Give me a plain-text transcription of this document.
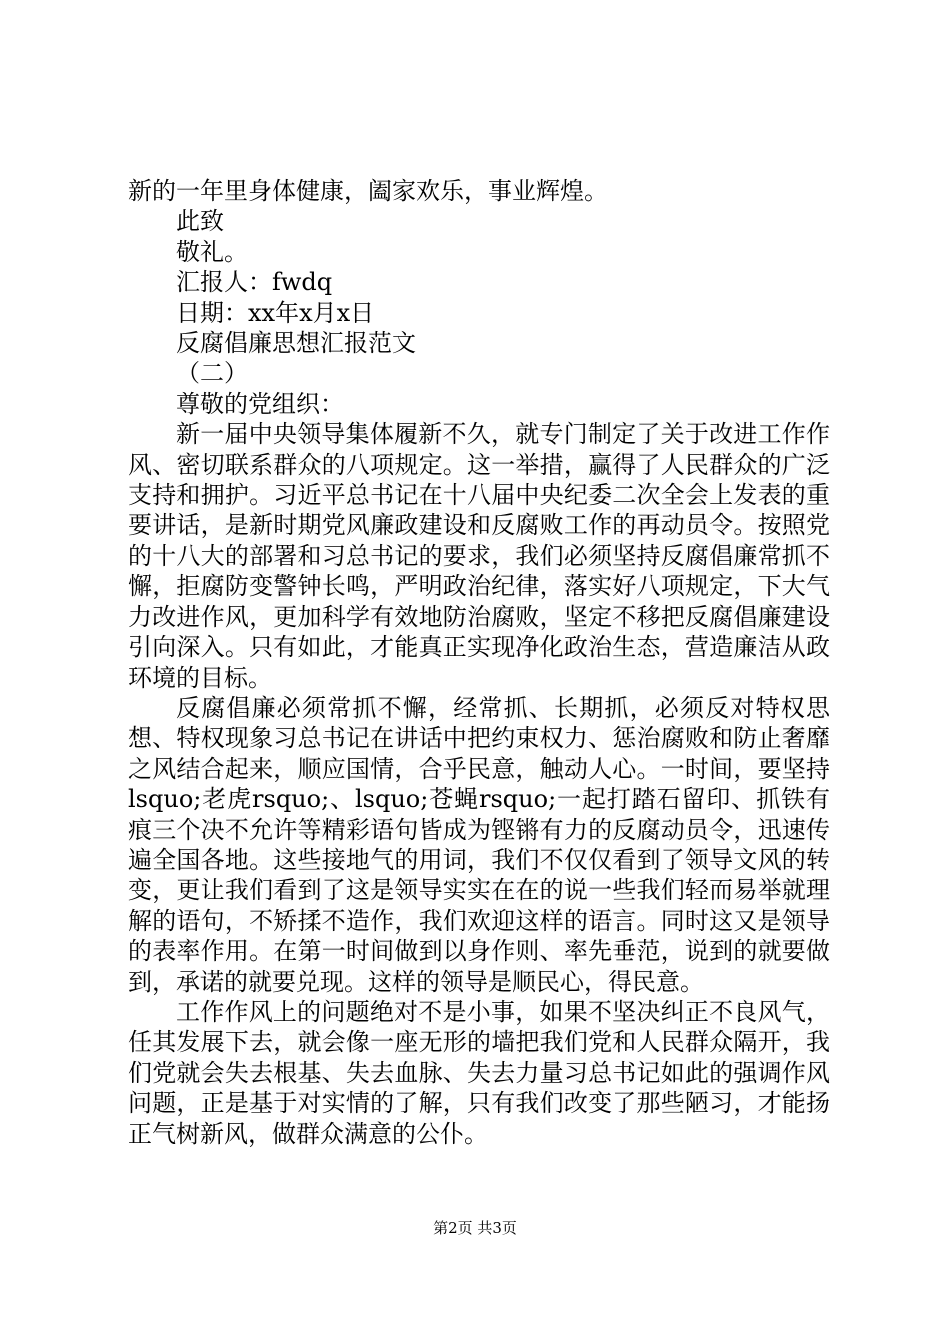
新的一年里身体健康，阖家欢乐，事业辉煌。
此致
敬礼。
汇报人：fwdq
日期：xx年x月x日
反腐倡廉思想汇报范文
（二）
尊敬的党组织：

新一届中央领导集体履新不久，就专门制定了关于改进工作作风、密切联系群众的八项规定。这一举措，赢得了人民群众的广泛支持和拥护。习近平总书记在十八届中央纪委二次全会上发表的重要讲话，是新时期党风廉政建设和反腐败工作的再动员令。按照党的十八大的部署和习总书记的要求，我们必须坚持反腐倡廉常抓不懈，拒腐防变警钟长鸣，严明政治纪律，落实好八项规定，下大气力改进作风，更加科学有效地防治腐败，坚定不移把反腐倡廉建设引向深入。只有如此，才能真正实现净化政治生态，营造廉洁从政环境的目标。

反腐倡廉必须常抓不懈，经常抓、长期抓，必须反对特权思想、特权现象习总书记在讲话中把约束权力、惩治腐败和防止奢靡之风结合起来，顺应国情，合乎民意，触动人心。一时间，要坚持lsquo;老虎rsquo;、lsquo;苍蝇rsquo;一起打踏石留印、抓铁有痕三个决不允许等精彩语句皆成为铿锵有力的反腐动员令，迅速传遍全国各地。这些接地气的用词，我们不仅仅看到了领导文风的转变，更让我们看到了这是领导实实在在的说一些我们轻而易举就理解的语句，不矫揉不造作，我们欢迎这样的语言。同时这又是领导的表率作用。在第一时间做到以身作则、率先垂范，说到的就要做到，承诺的就要兑现。这样的领导是顺民心，得民意。

工作作风上的问题绝对不是小事，如果不坚决纠正不良风气，任其发展下去，就会像一座无形的墙把我们党和人民群众隔开，我们党就会失去根基、失去血脉、失去力量习总书记如此的强调作风问题，正是基于对实情的了解，只有我们改变了那些陋习，才能扬正气树新风，做群众满意的公仆。

第2页 共3页
